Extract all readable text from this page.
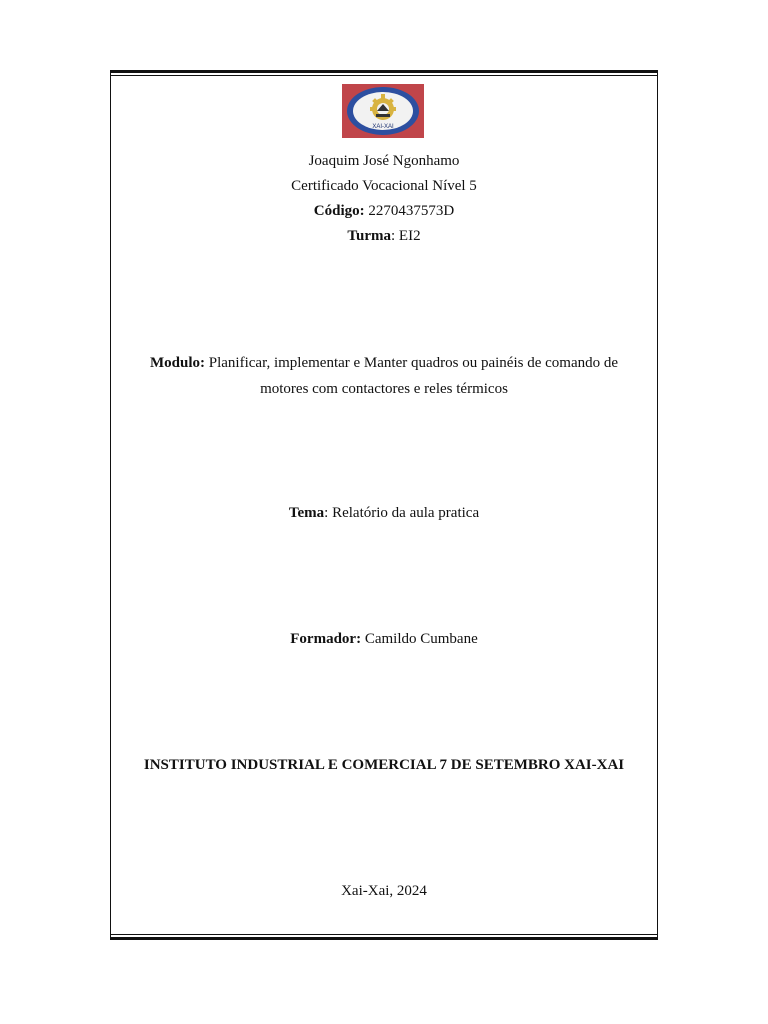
XAI-XAI
Joaquim José Ngonhamo
Certificado Vocacional Nível 5
Código: 2270437573D
Turma: EI2
Modulo: Planificar, implementar e Manter quadros ou painéis de comando de motores com contactores e reles térmicos
Tema: Relatório da aula pratica
Formador: Camildo Cumbane
INSTITUTO INDUSTRIAL E COMERCIAL 7 DE SETEMBRO XAI-XAI
Xai-Xai, 2024
